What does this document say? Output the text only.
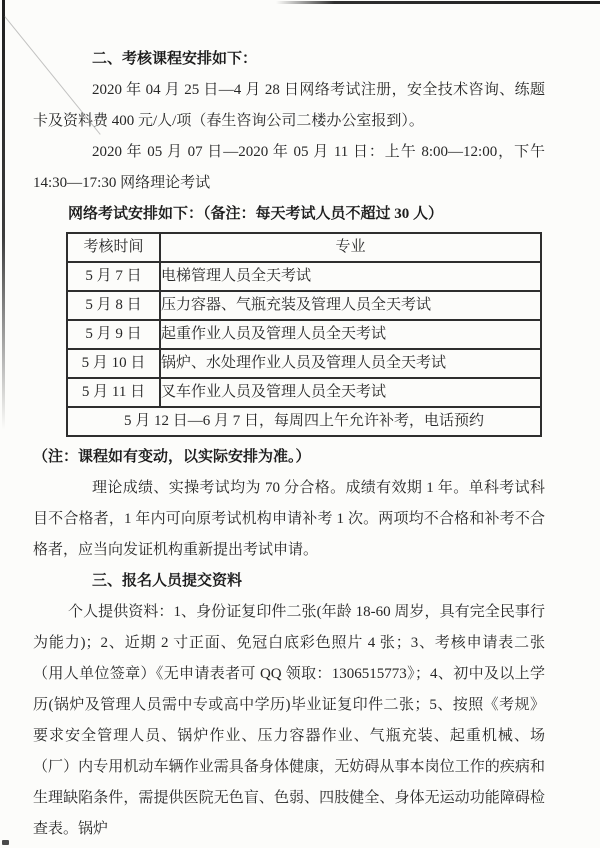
二、考核课程安排如下：

2020 年 04 月 25 日—4 月 28 日网络考试注册，安全技术咨询、练题卡及资料费 400 元/人/项（春生咨询公司二楼办公室报到）。

2020 年 05 月 07 日—2020 年 05 月 11 日：上午 8:00—12:00，下午 14:30—17:30 网络理论考试

网络考试安排如下：（备注：每天考试人员不超过 30 人）

考核时间	专业
5 月 7 日	电梯管理人员全天考试
5 月 8 日	压力容器、气瓶充装及管理人员全天考试
5 月 9 日	起重作业人员及管理人员全天考试
5 月 10 日	锅炉、水处理作业人员及管理人员全天考试
5 月 11 日	叉车作业人员及管理人员全天考试
5 月 12 日—6 月 7 日，每周四上午允许补考，电话预约	

（注：课程如有变动，以实际安排为准。）

理论成绩、实操考试均为 70 分合格。成绩有效期 1 年。单科考试科目不合格者，1 年内可向原考试机构申请补考 1 次。两项均不合格和补考不合格者，应当向发证机构重新提出考试申请。

三、报名人员提交资料

个人提供资料：1、身份证复印件二张(年龄 18-60 周岁，具有完全民事行为能力)；2、近期 2 寸正面、免冠白底彩色照片 4 张；3、考核申请表二张（用人单位签章）《无申请表者可 QQ 领取：1306515773》；4、初中及以上学历(锅炉及管理人员需中专或高中学历)毕业证复印件二张；5、按照《考规》要求安全管理人员、锅炉作业、压力容器作业、气瓶充装、起重机械、场（厂）内专用机动车辆作业需具备身体健康，无妨碍从事本岗位工作的疾病和生理缺陷条件，需提供医院无色盲、色弱、四肢健全、身体无运动功能障碍检查表。锅炉
